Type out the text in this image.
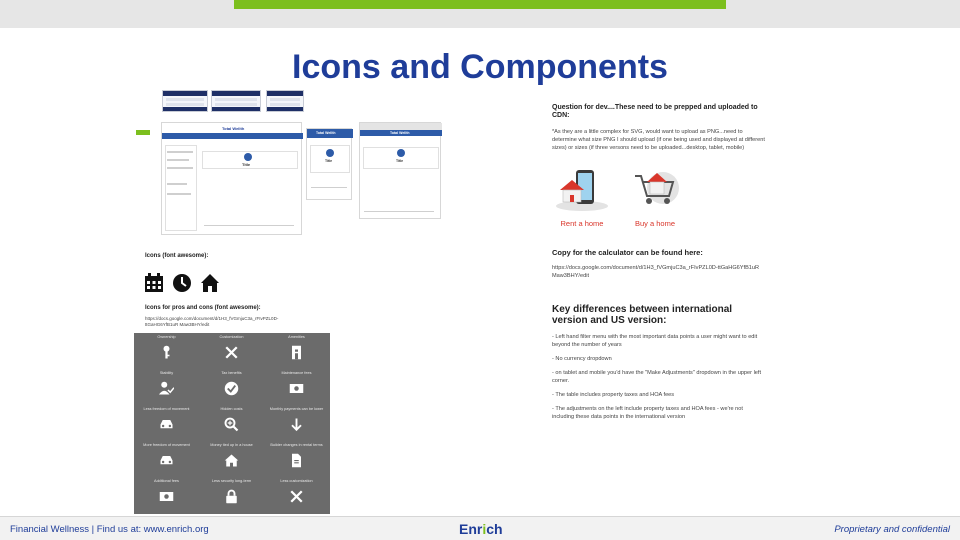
Icons and Components
Total Wellth
Title
Total Wellth
Title
Total Wellth
Title
Icons (font awesome):
Icons for pros and cons (font awesome):
https://docs.google.com/document/d/1H3_fVGmjuC3a_rFIvPZL0D-ttGaHG6YfB1uR Maw3BHY/edit
Ownership	Customization	Amenities
Stability	Tax benefits	Maintenance fees
Less freedom of movement	Hidden costs	Monthly payments can be lower
More freedom of movement	Money tied up in a house	Builder changes in rental terms
Additional fees	Less security long-term	Less customization
Question for dev....These need to be prepped and uploaded to CDN:
*As they are a little complex for SVG, would want to upload as PNG...need to determine what size PNG I should upload (if one being used and displayed at different sizes) or sizes (if three versons need to be uploaded...desktop, tablet, mobile)
Rent a home	Buy a home
Copy for the calculator can be found here:
https://docs.google.com/document/d/1H3_fVGmjuC3a_rFIvPZL0D-ttGaHG6YfB1uR Maw3BHY/edit
Key differences between international version and US version:
- Left hand filter menu with the most important data points a user might want to edit beyond the number of years
- No currency dropdown
- on tablet and mobile you'd have the "Make Adjustments" dropdown in the upper left corner.
- The table includes property taxes and HOA fees
- The adjustments on the left include property taxes and HOA fees - we're not including these data points in the international version
Financial Wellness | Find us at: www.enrich.org	Enrich	Proprietary and confidential
